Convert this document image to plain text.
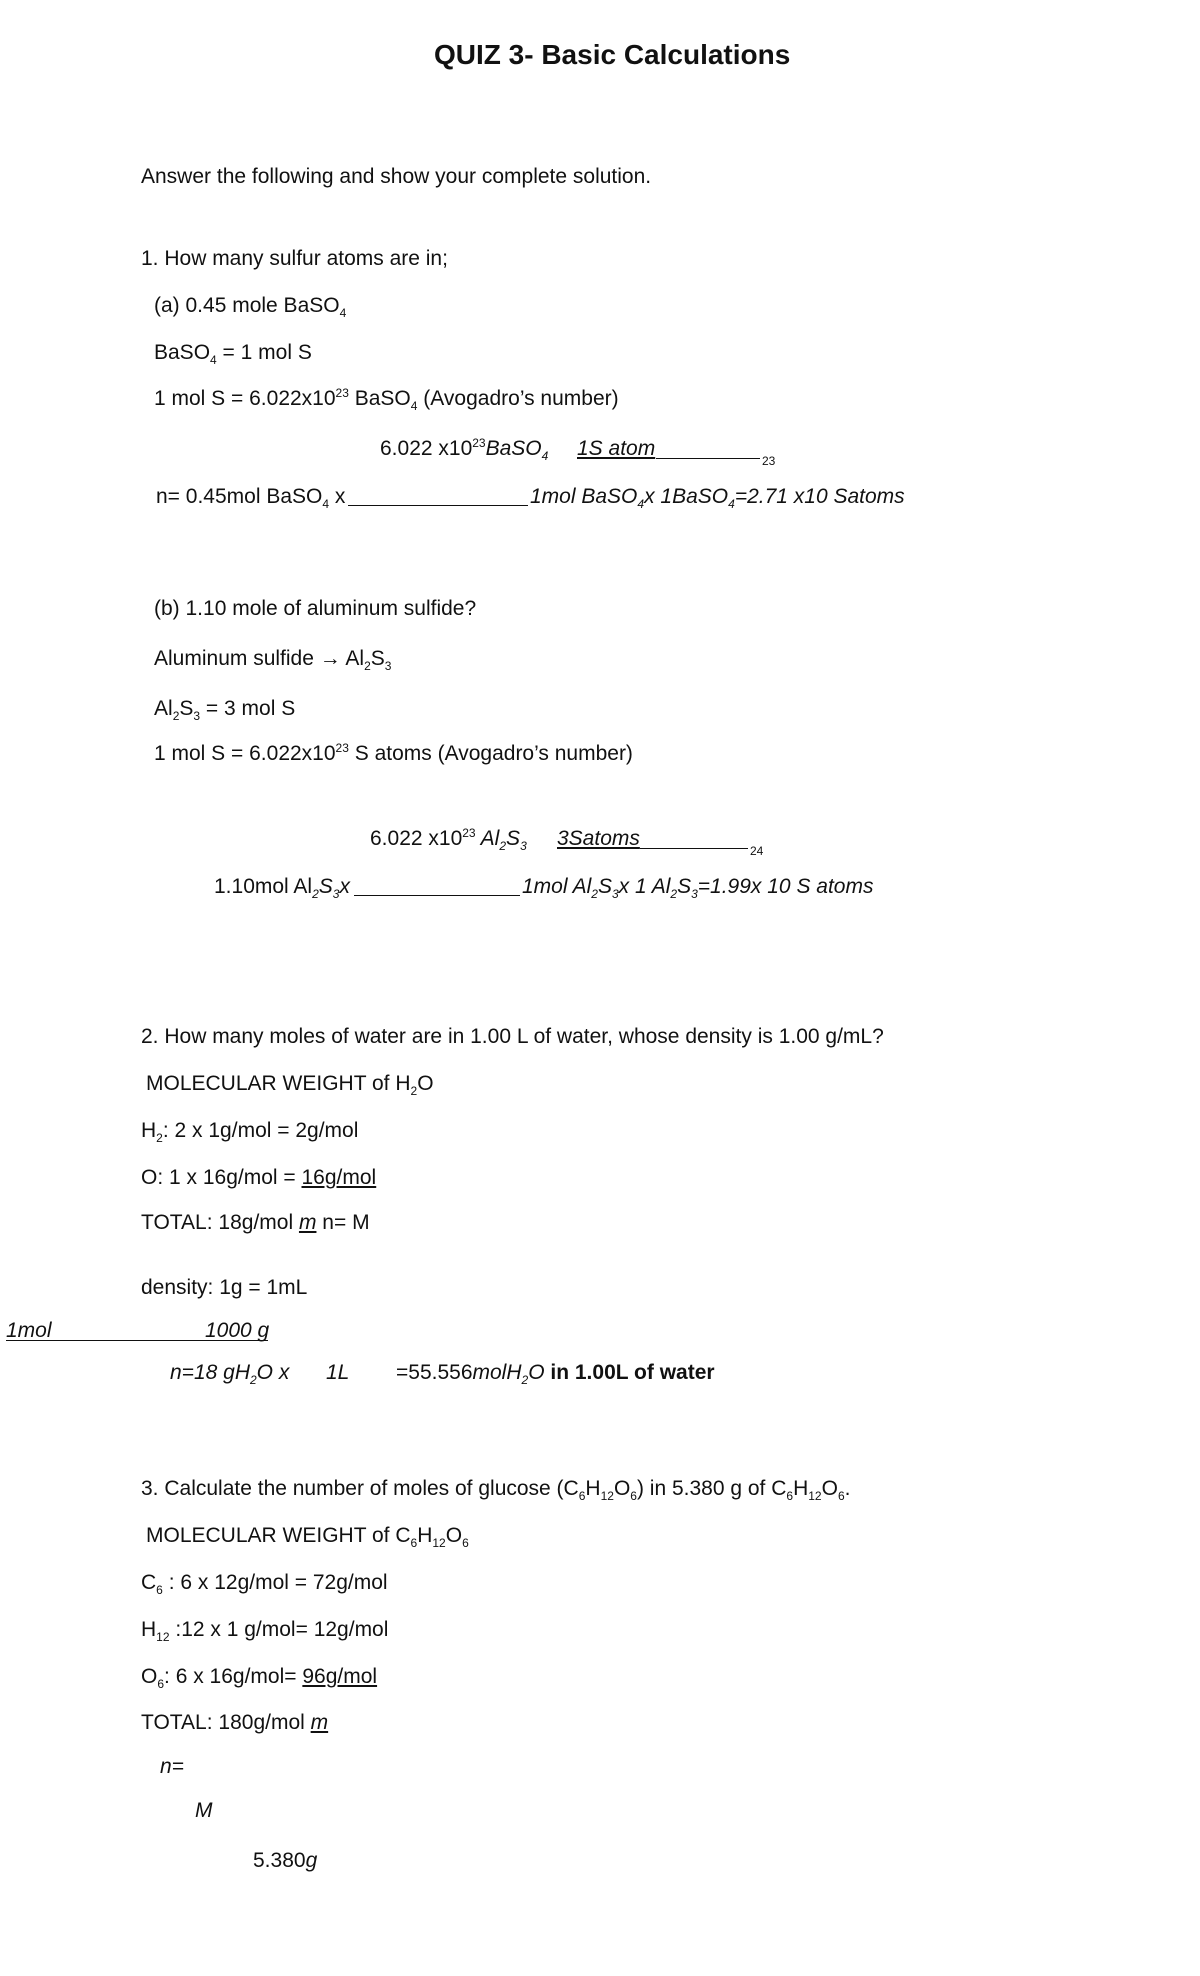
QUIZ 3- Basic Calculations
Answer the following and show your complete solution.
1. How many sulfur atoms are in;
(a) 0.45 mole BaSO$_4$
BaSO$_4$ = 1 mol S
1 mol $S = 6.022x10^{23}$ BaSO$_4$ (Avogadro’s number)
6.022 $x10^{23}BaSO_4$ 1S atom
23
n= 0.45mol BaSO$_4$ x	1mol BaSO$_4$x 1BaSO$_4$=2.71 x10 Satoms
(b) 1.10 mole of aluminum sulfide?
Aluminum sulfide → $Al_2S_3$
$Al_2S_3 = 3$ mol S
1 mol $S = 6.022x10^{23}$ S atoms (Avogadro’s number)
6.022 $x10^{23}$ $Al_2S_3$ 3Satoms
24
1.10mol $Al_2S_3x$	1mol $Al_2S_3x$ 1 $Al_2S_3=1.99x$ 10 S atoms
2. How many moles of water are in 1.00 L of water, whose density is 1.00 g/mL?
MOLECULAR WEIGHT of $H_2O$
$H_2$: 2 x 1g/mol = 2g/mol
O: 1 x 16g/mol = 16g/mol
TOTAL: 18g/mol m n= M
density: 1g = 1mL
1mol	1000 g
n=18 $gH_2O$ x 1L =55.556molH$_2$O in 1.00L of water
3. Calculate the number of moles of glucose $(C_6H_{12}O_6)$ in 5.380 g of $C_6H_{12}O_6$.
MOLECULAR WEIGHT of $C_6H_{12}O_6$
$C_6$ : 6 x 12g/mol = 72g/mol
$H_{12}$ :12 x 1 g/mol= 12g/mol
$O_6$: 6 x 16g/mol= 96g/mol
TOTAL: 180g/mol m
n=
M
5.380g
